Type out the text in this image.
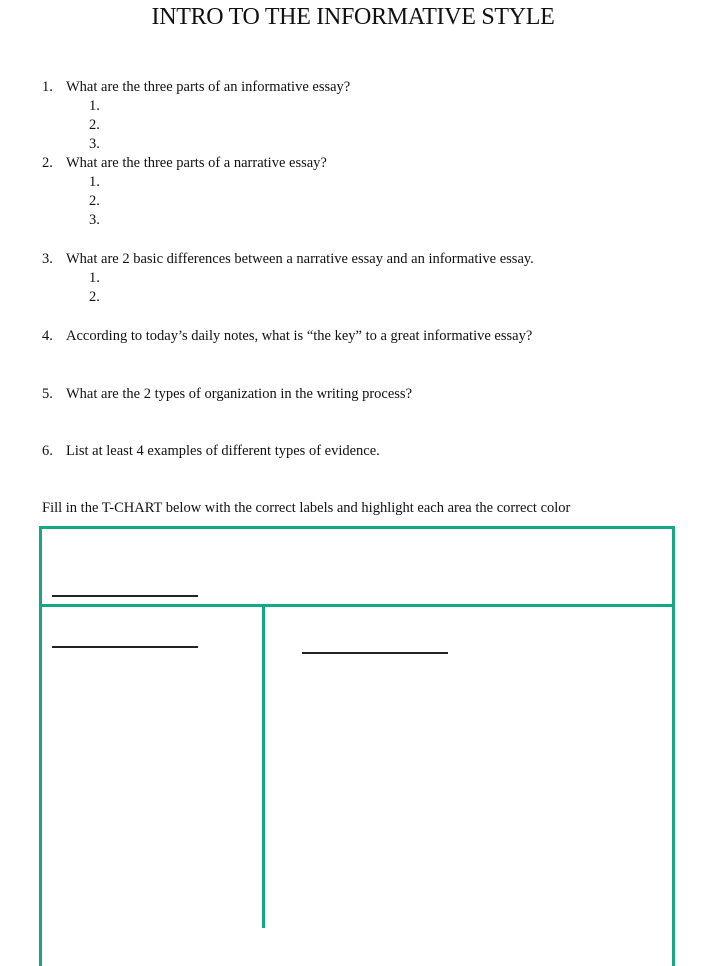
INTRO TO THE INFORMATIVE STYLE
1. What are the three parts of an informative essay?
1.
2.
3.
2. What are the three parts of a narrative essay?
1.
2.
3.
3. What are 2 basic differences between a narrative essay and an informative essay.
1.
2.
4. According to today’s daily notes, what is “the key” to a great informative essay?
5. What are the 2 types of organization in the writing process?
6. List at least 4 examples of different types of evidence.
Fill in the T-CHART below with the correct labels and highlight each area the correct color
